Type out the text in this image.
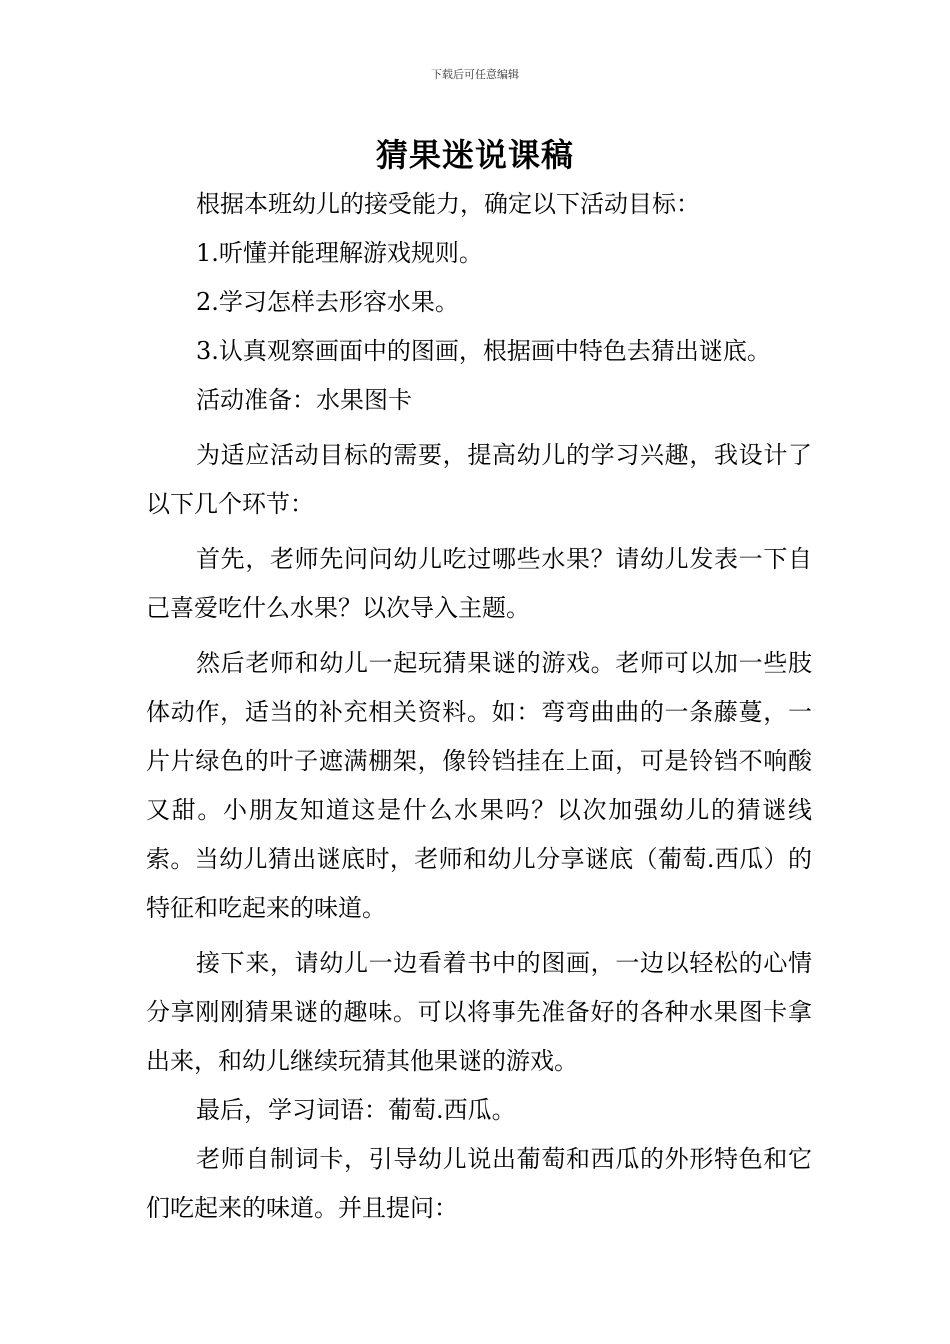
下载后可任意编辑
猜果迷说课稿

根据本班幼儿的接受能力，确定以下活动目标：

1.听懂并能理解游戏规则。

2.学习怎样去形容水果。

3.认真观察画面中的图画，根据画中特色去猜出谜底。

活动准备：水果图卡

为适应活动目标的需要，提高幼儿的学习兴趣，我设计了以下几个环节：

首先，老师先问问幼儿吃过哪些水果？请幼儿发表一下自己喜爱吃什么水果？以次导入主题。

然后老师和幼儿一起玩猜果谜的游戏。老师可以加一些肢体动作，适当的补充相关资料。如：弯弯曲曲的一条藤蔓，一片片绿色的叶子遮满棚架，像铃铛挂在上面，可是铃铛不响酸又甜。小朋友知道这是什么水果吗？以次加强幼儿的猜谜线索。当幼儿猜出谜底时，老师和幼儿分享谜底（葡萄.西瓜）的特征和吃起来的味道。

接下来，请幼儿一边看着书中的图画，一边以轻松的心情分享刚刚猜果谜的趣味。可以将事先准备好的各种水果图卡拿出来，和幼儿继续玩猜其他果谜的游戏。

最后，学习词语：葡萄.西瓜。

老师自制词卡，引导幼儿说出葡萄和西瓜的外形特色和它们吃起来的味道。并且提问：
